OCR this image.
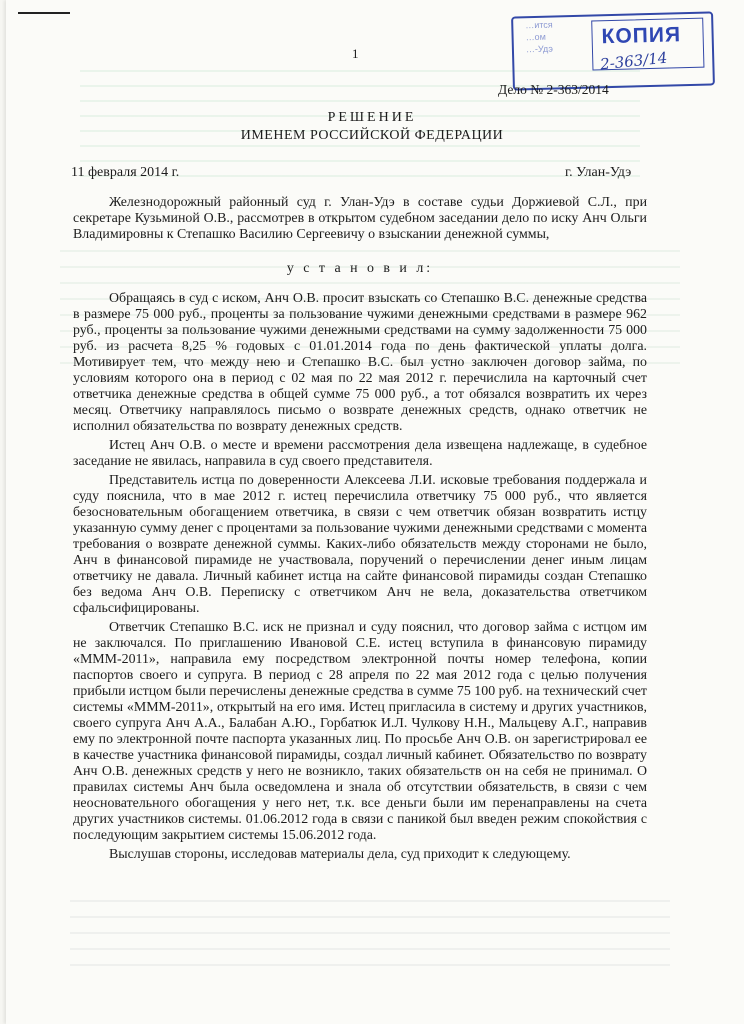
…ится
…ом
…-Удэ
КОПИЯ
2-363/14
1
Дело № 2-363/2014
РЕШЕНИЕ
ИМЕНЕМ РОССИЙСКОЙ ФЕДЕРАЦИИ
11 февраля 2014 г.	г. Улан-Удэ

Железнодорожный районный суд г. Улан-Удэ в составе судьи Доржиевой С.Л., при секретаре Кузьминой О.В., рассмотрев в открытом судебном заседании дело по иску Анч Ольги Владимировны к Степашко Василию Сергеевичу о взыскании денежной суммы,

у с т а н о в и л:

Обращаясь в суд с иском, Анч О.В. просит взыскать со Степашко В.С. денежные средства в размере 75 000 руб., проценты за пользование чужими денежными средствами в размере 962 руб., проценты за пользование чужими денежными средствами на сумму задолженности 75 000 руб. из расчета 8,25 % годовых с 01.01.2014 года по день фактической уплаты долга. Мотивирует тем, что между нею и Степашко В.С. был устно заключен договор займа, по условиям которого она в период с 02 мая по 22 мая 2012 г. перечислила на карточный счет ответчика денежные средства в общей сумме 75 000 руб., а тот обязался возвратить их через месяц. Ответчику направлялось письмо о возврате денежных средств, однако ответчик не исполнил обязательства по возврату денежных средств.

Истец Анч О.В. о месте и времени рассмотрения дела извещена надлежаще, в судебное заседание не явилась, направила в суд своего представителя.

Представитель истца по доверенности Алексеева Л.И. исковые требования поддержала и суду пояснила, что в мае 2012 г. истец перечислила ответчику 75 000 руб., что является безосновательным обогащением ответчика, в связи с чем ответчик обязан возвратить истцу указанную сумму денег с процентами за пользование чужими денежными средствами с момента требования о возврате денежной суммы. Каких-либо обязательств между сторонами не было, Анч в финансовой пирамиде не участвовала, поручений о перечислении денег иным лицам ответчику не давала. Личный кабинет истца на сайте финансовой пирамиды создан Степашко без ведома Анч О.В. Переписку с ответчиком Анч не вела, доказательства ответчиком сфальсифицированы.

Ответчик Степашко В.С. иск не признал и суду пояснил, что договор займа с истцом им не заключался. По приглашению Ивановой С.Е. истец вступила в финансовую пирамиду «МММ-2011», направила ему посредством электронной почты номер телефона, копии паспортов своего и супруга. В период с 28 апреля по 22 мая 2012 года с целью получения прибыли истцом были перечислены денежные средства в сумме 75 100 руб. на технический счет системы «МММ-2011», открытый на его имя. Истец пригласила в систему и других участников, своего супруга Анч А.А., Балабан А.Ю., Горбатюк И.Л. Чулкову Н.Н., Мальцеву А.Г., направив ему по электронной почте паспорта указанных лиц. По просьбе Анч О.В. он зарегистрировал ее в качестве участника финансовой пирамиды, создал личный кабинет. Обязательство по возврату Анч О.В. денежных средств у него не возникло, таких обязательств он на себя не принимал. О правилах системы Анч была осведомлена и знала об отсутствии обязательств, в связи с чем неосновательного обогащения у него нет, т.к. все деньги были им перенаправлены на счета других участников системы. 01.06.2012 года в связи с паникой был введен режим спокойствия с последующим закрытием системы 15.06.2012 года.

Выслушав стороны, исследовав материалы дела, суд приходит к следующему.
